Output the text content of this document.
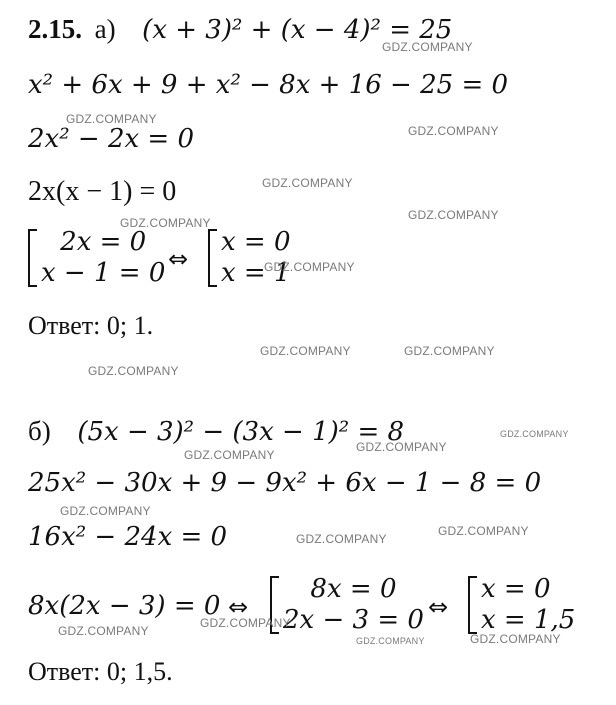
2.15. а) (x + 3)² + (x − 4)² = 25
x² + 6x + 9 + x² − 8x + 16 − 25 = 0
2x² − 2x = 0
2x(x − 1) = 0
2x = 0
x − 1 = 0 ⇔
x = 0
x = 1
Ответ: 0; 1.
б) (5x − 3)² − (3x − 1)² = 8
25x² − 30x + 9 − 9x² + 6x − 1 − 8 = 0
16x² − 24x = 0
8x(2x − 3) = 0 ⇔
8x = 0
2x − 3 = 0 ⇔
x = 0
x = 1,5
Ответ: 0; 1,5.
GDZ.COMPANY
GDZ.COMPANY
GDZ.COMPANY
GDZ.COMPANY
GDZ.COMPANY
GDZ.COMPANY
GDZ.COMPANY
GDZ.COMPANY	GDZ.COMPANY
GDZ.COMPANY
GDZ.COMPANY
GDZ.COMPANY
GDZ.COMPANY
GDZ.COMPANY
GDZ.COMPANY
GDZ.COMPANY
GDZ.COMPANY
GDZ.COMPANY
GDZ.COMPANY	GDZ.COMPANY
